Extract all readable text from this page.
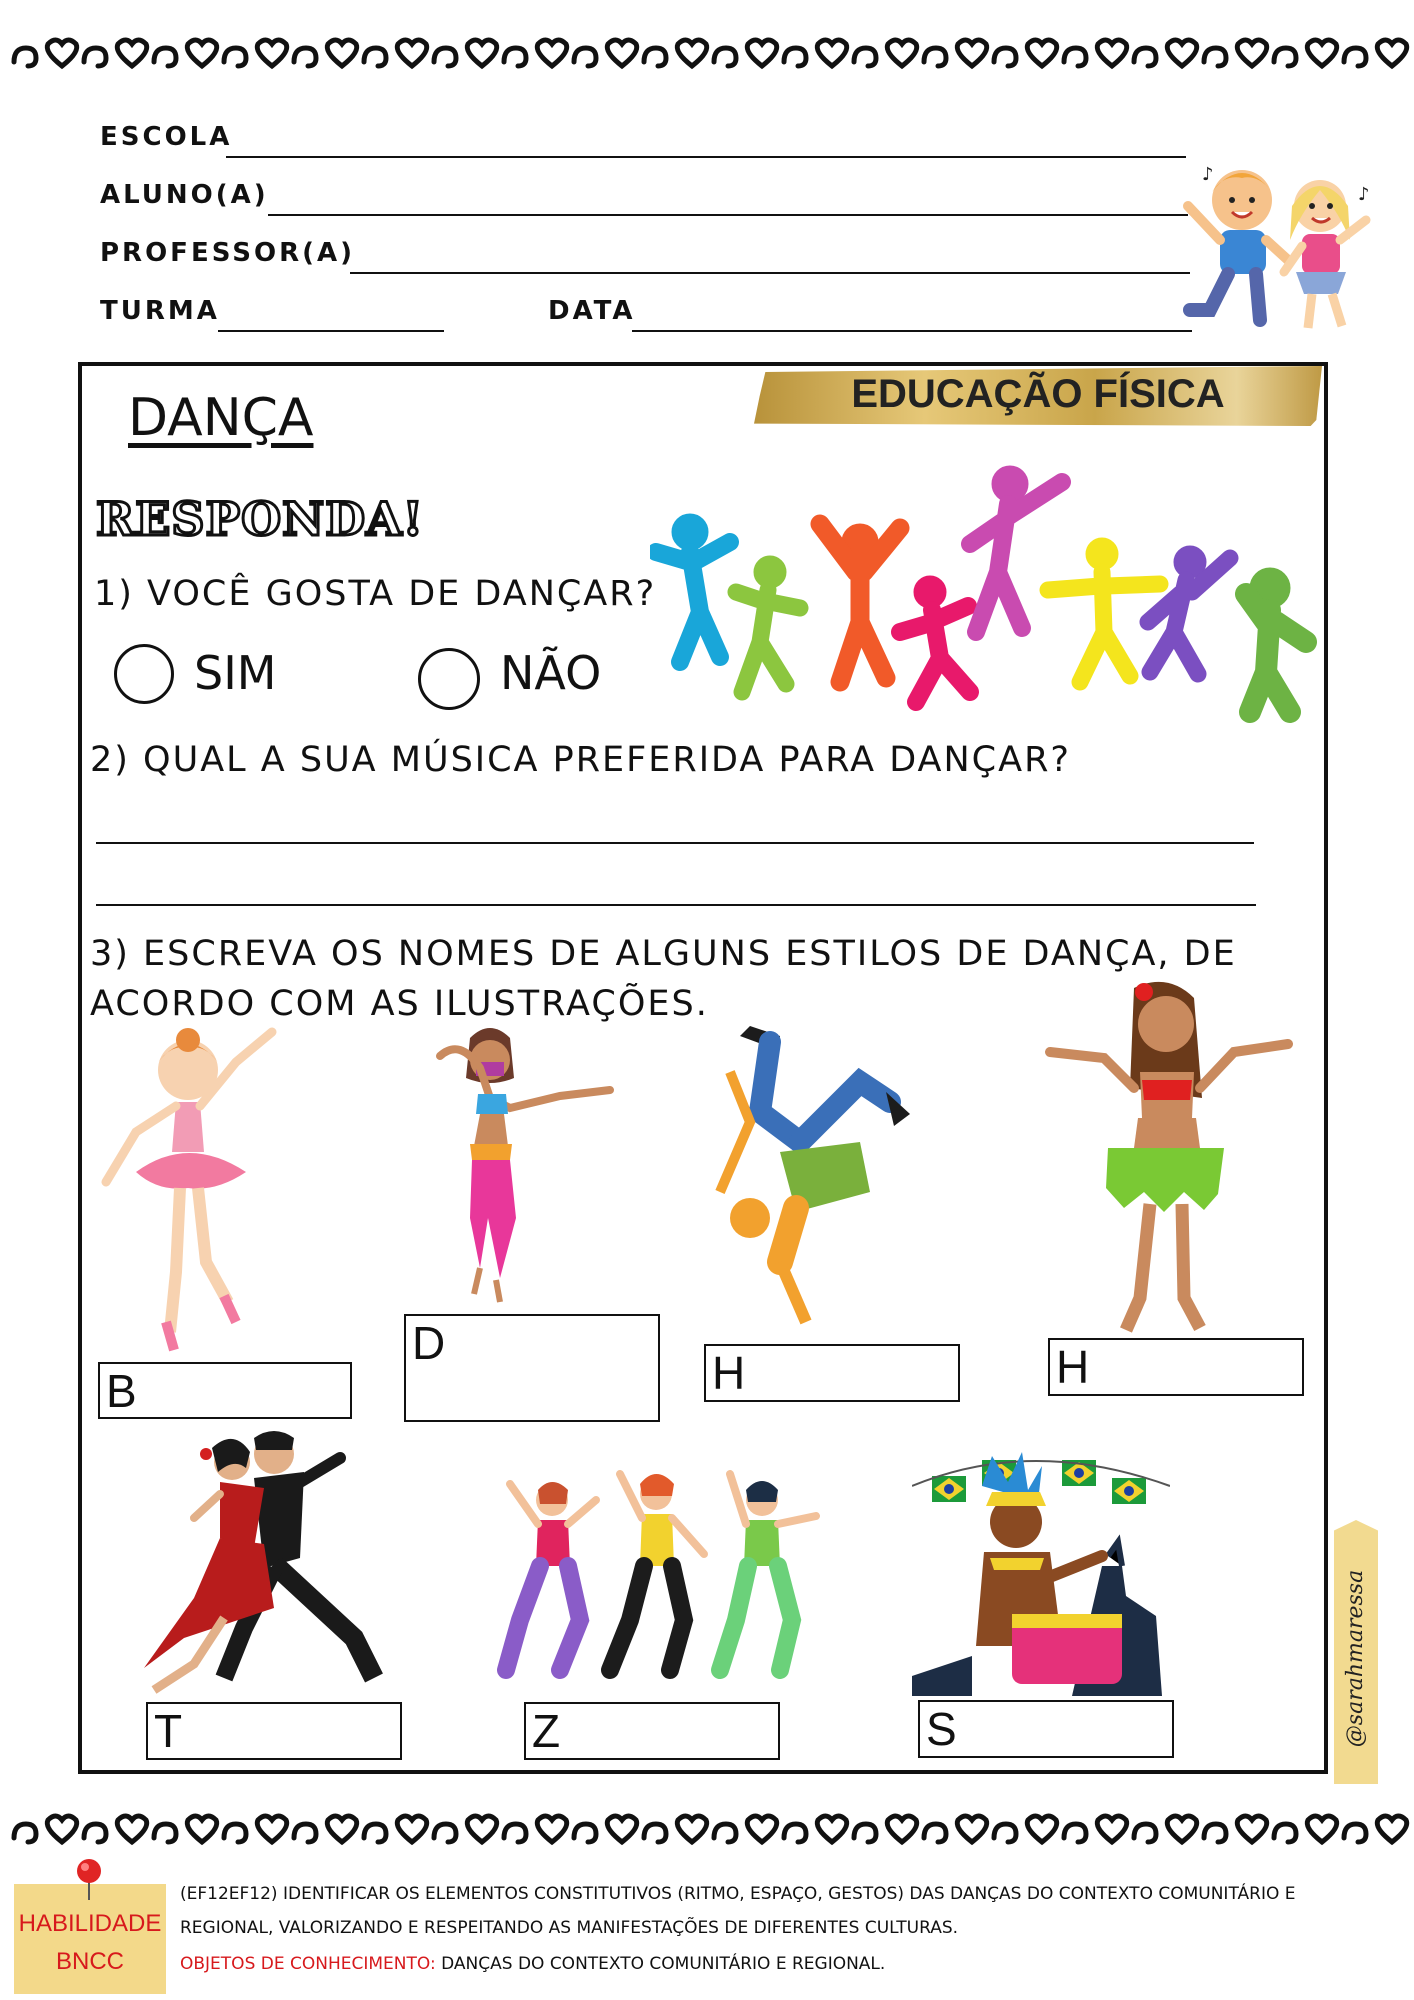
ESCOLA
ALUNO(A)
PROFESSOR(A)
TURMA	DATA
♪
♪
DANÇA	EDUCAÇÃO FÍSICA
RESPONDA!
1) VOCÊ GOSTA DE DANÇAR?
SIM	NÃO
2) QUAL A SUA MÚSICA PREFERIDA PARA DANÇAR?
3) ESCREVA OS NOMES DE ALGUNS ESTILOS DE DANÇA, DE
ACORDO COM AS ILUSTRAÇÕES.
B
D
H	H
T	Z	S	@sarahmaressa
HABILIDADE
BNCC
(EF12EF12) IDENTIFICAR OS ELEMENTOS CONSTITUTIVOS (RITMO, ESPAÇO, GESTOS) DAS DANÇAS DO CONTEXTO COMUNITÁRIO E
REGIONAL, VALORIZANDO E RESPEITANDO AS MANIFESTAÇÕES DE DIFERENTES CULTURAS.
OBJETOS DE CONHECIMENTO: DANÇAS DO CONTEXTO COMUNITÁRIO E REGIONAL.
